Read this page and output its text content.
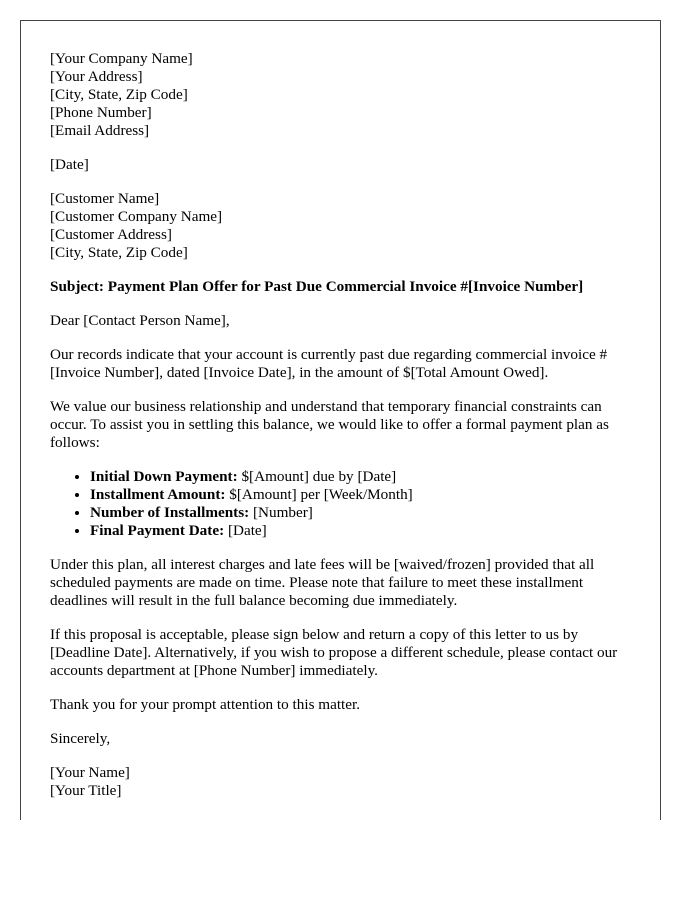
[Your Company Name]
[Your Address]
[City, State, Zip Code]
[Phone Number]
[Email Address]
[Date]
[Customer Name]
[Customer Company Name]
[Customer Address]
[City, State, Zip Code]
Subject: Payment Plan Offer for Past Due Commercial Invoice #[Invoice Number]

Dear [Contact Person Name],

Our records indicate that your account is currently past due regarding commercial invoice #[Invoice Number], dated [Invoice Date], in the amount of $[Total Amount Owed].

We value our business relationship and understand that temporary financial constraints can occur. To assist you in settling this balance, we would like to offer a formal payment plan as follows:

• Initial Down Payment: $[Amount] due by [Date]
• Installment Amount: $[Amount] per [Week/Month]
• Number of Installments: [Number]
• Final Payment Date: [Date]

Under this plan, all interest charges and late fees will be [waived/frozen] provided that all scheduled payments are made on time. Please note that failure to meet these installment deadlines will result in the full balance becoming due immediately.

If this proposal is acceptable, please sign below and return a copy of this letter to us by [Deadline Date]. Alternatively, if you wish to propose a different schedule, please contact our accounts department at [Phone Number] immediately.

Thank you for your prompt attention to this matter.

Sincerely,

[Your Name]
[Your Title]
